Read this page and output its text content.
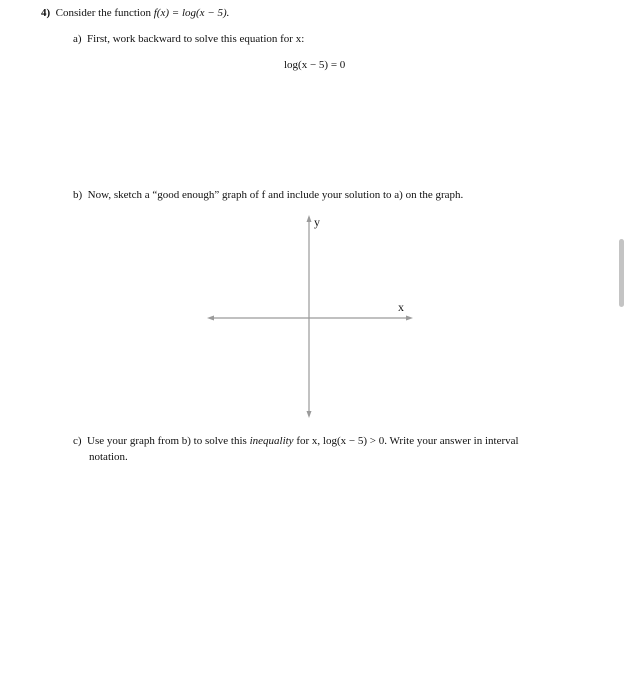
4) Consider the function f(x) = log(x − 5).
a) First, work backward to solve this equation for x:
log(x − 5) = 0
b) Now, sketch a “good enough” graph of f and include your solution to a) on the graph.
y
x
c) Use your graph from b) to solve this inequality for x, log(x − 5) > 0. Write your answer in interval
notation.
